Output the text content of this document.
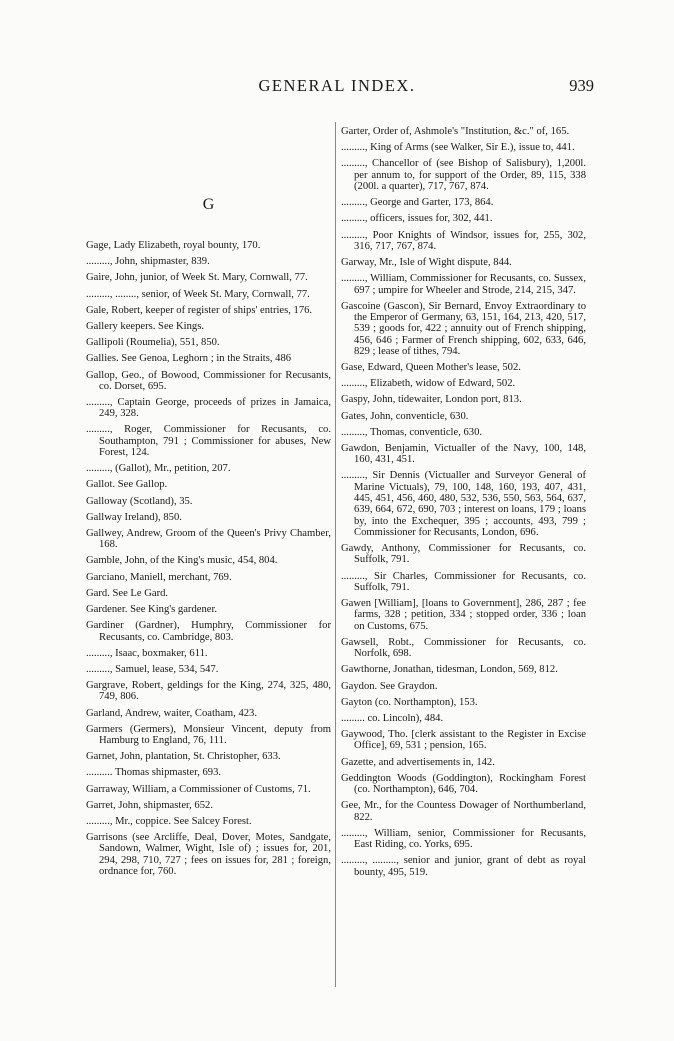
GENERAL INDEX.	939
G

Gage, Lady Elizabeth, royal bounty, 170.

........., John, shipmaster, 839.

Gaire, John, junior, of Week St. Mary, Cornwall, 77.

........., ........, senior, of Week St. Mary, Cornwall, 77.

Gale, Robert, keeper of register of ships' entries, 176.

Gallery keepers. See Kings.

Gallipoli (Roumelia), 551, 850.

Gallies. See Genoa, Leghorn ; in the Straits, 486

Gallop, Geo., of Bowood, Commissioner for Recusants, co. Dorset, 695.

........., Captain George, proceeds of prizes in Jamaica, 249, 328.

........., Roger, Commissioner for Recusants, co. Southampton, 791 ; Commissioner for abuses, New Forest, 124.

........., (Gallot), Mr., petition, 207.

Gallot. See Gallop.

Galloway (Scotland), 35.

Gallway Ireland), 850.

Gallwey, Andrew, Groom of the Queen's Privy Chamber, 168.

Gamble, John, of the King's music, 454, 804.

Garciano, Maniell, merchant, 769.

Gard. See Le Gard.

Gardener. See King's gardener.

Gardiner (Gardner), Humphry, Commissioner for Recusants, co. Cambridge, 803.

........., Isaac, boxmaker, 611.

........., Samuel, lease, 534, 547.

Gargrave, Robert, geldings for the King, 274, 325, 480, 749, 806.

Garland, Andrew, waiter, Coatham, 423.

Garmers (Germers), Monsieur Vincent, deputy from Hamburg to England, 76, 111.

Garnet, John, plantation, St. Christopher, 633.

.......... Thomas shipmaster, 693.

Garraway, William, a Commissioner of Customs, 71.

Garret, John, shipmaster, 652.

........., Mr., coppice. See Salcey Forest.

Garrisons (see Arcliffe, Deal, Dover, Motes, Sandgate, Sandown, Walmer, Wight, Isle of) ; issues for, 201, 294, 298, 710, 727 ; fees on issues for, 281 ; foreign, ordnance for, 760.

Garter, Order of, Ashmole's "Institution, &c." of, 165.

........., King of Arms (see Walker, Sir E.), issue to, 441.

........., Chancellor of (see Bishop of Salisbury), 1,200l. per annum to, for support of the Order, 89, 115, 338 (200l. a quarter), 717, 767, 874.

........., George and Garter, 173, 864.

........., officers, issues for, 302, 441.

........., Poor Knights of Windsor, issues for, 255, 302, 316, 717, 767, 874.

Garway, Mr., Isle of Wight dispute, 844.

........., William, Commissioner for Recusants, co. Sussex, 697 ; umpire for Wheeler and Strode, 214, 215, 347.

Gascoine (Gascon), Sir Bernard, Envoy Extraordinary to the Emperor of Germany, 63, 151, 164, 213, 420, 517, 539 ; goods for, 422 ; annuity out of French shipping, 456, 646 ; Farmer of French shipping, 602, 633, 646, 829 ; lease of tithes, 794.

Gase, Edward, Queen Mother's lease, 502.

........., Elizabeth, widow of Edward, 502.

Gaspy, John, tidewaiter, London port, 813.

Gates, John, conventicle, 630.

........., Thomas, conventicle, 630.

Gawdon, Benjamin, Victualler of the Navy, 100, 148, 160, 431, 451.

........., Sir Dennis (Victualler and Surveyor General of Marine Victuals), 79, 100, 148, 160, 193, 407, 431, 445, 451, 456, 460, 480, 532, 536, 550, 563, 564, 637, 639, 664, 672, 690, 703 ; interest on loans, 179 ; loans by, into the Exchequer, 395 ; accounts, 493, 799 ; Commissioner for Recusants, London, 696.

Gawdy, Anthony, Commissioner for Recusants, co. Suffolk, 791.

........., Sir Charles, Commissioner for Recusants, co. Suffolk, 791.

Gawen [William], [loans to Government], 286, 287 ; fee farms, 328 ; petition, 334 ; stopped order, 336 ; loan on Customs, 675.

Gawsell, Robt., Commissioner for Recusants, co. Norfolk, 698.

Gawthorne, Jonathan, tidesman, London, 569, 812.

Gaydon. See Graydon.

Gayton (co. Northampton), 153.

......... co. Lincoln), 484.

Gaywood, Tho. [clerk assistant to the Register in Excise Office], 69, 531 ; pension, 165.

Gazette, and advertisements in, 142.

Geddington Woods (Goddington), Rockingham Forest (co. Northampton), 646, 704.

Gee, Mr., for the Countess Dowager of Northumberland, 822.

........., William, senior, Commissioner for Recusants, East Riding, co. Yorks, 695.

........., ........., senior and junior, grant of debt as royal bounty, 495, 519.
